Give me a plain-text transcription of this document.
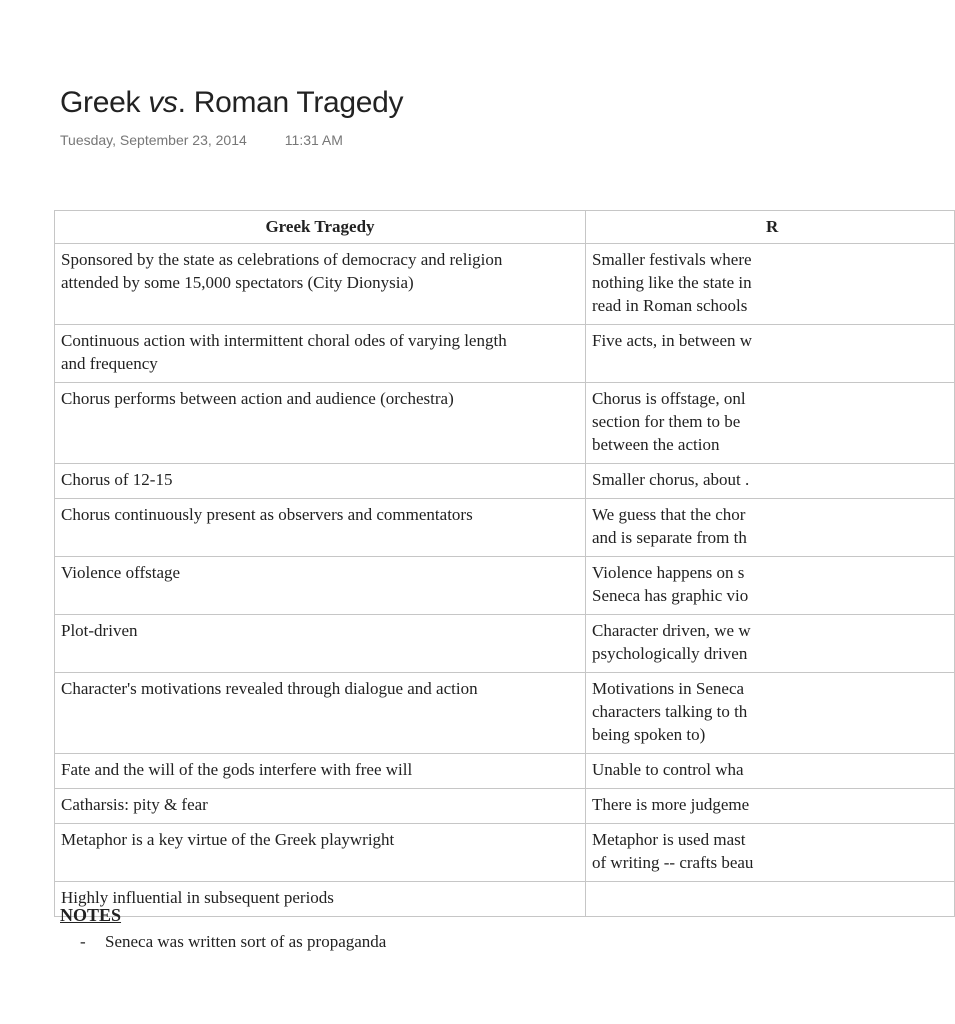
Greek vs. Roman Tragedy
Tuesday, September 23, 2014	11:31 AM
Greek Tragedy	R

Sponsored by the state as celebrations of democracy and religion
attended by some 15,000 spectators (City Dionysia)	Smaller festivals where
nothing like the state in
read in Roman schools

Continuous action with intermittent choral odes of varying length
and frequency	Five acts, in between w

Chorus performs between action and audience (orchestra)	Chorus is offstage, onl
section for them to be
between the action

Chorus of 12-15	Smaller chorus, about .

Chorus continuously present as observers and commentators	We guess that the chor
and is separate from th

Violence offstage	Violence happens on s
Seneca has graphic vio

Plot-driven	Character driven, we w
psychologically driven

Character's motivations revealed through dialogue and action	Motivations in Seneca
characters talking to th
being spoken to)

Fate and the will of the gods interfere with free will	Unable to control wha

Catharsis: pity & fear	There is more judgeme

Metaphor is a key virtue of the Greek playwright	Metaphor is used mast
of writing -- crafts beau

Highly influential in subsequent periods	

NOTES
- Seneca was written sort of as propaganda
